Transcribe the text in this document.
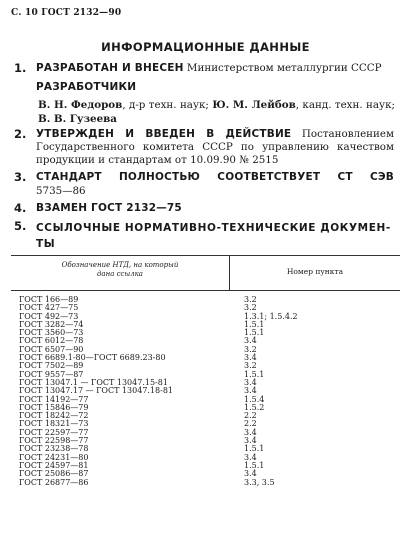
С. 10 ГОСТ 2132—90
ИНФОРМАЦИОННЫЕ ДАННЫЕ
1. РАЗРАБОТАН И ВНЕСЕН Министерством металлургии СССР
РАЗРАБОТЧИКИ
В. Н. Федоров, д-р техн. наук; Ю. М. Лейбов, канд. техн. наук;
В. В. Гузеева
2. УТВЕРЖДЕН И ВВЕДЕН В ДЕЙСТВИЕ Постановлением
Государственного комитета СССР по управлению качеством
продукции и стандартам от 10.09.90 № 2515
3. СТАНДАРТ ПОЛНОСТЬЮ СООТВЕТСТВУЕТ СТ СЭВ
5735—86
4. ВЗАМЕН ГОСТ 2132—75
5. ССЫЛОЧНЫЕ НОРМАТИВНО-ТЕХНИЧЕСКИЕ ДОКУМЕН-ТЫ
Обозначение НТД, на который
дана ссылка	Номер пункта
ГОСТ 166—89	3.2
ГОСТ 427—75	3.2
ГОСТ 492—73	1.3.1; 1.5.4.2
ГОСТ 3282—74	1.5.1
ГОСТ 3560—73	1.5.1
ГОСТ 6012—78	3.4
ГОСТ 6507—90	3.2
ГОСТ 6689.1-80—ГОСТ 6689.23-80	3.4
ГОСТ 7502—89	3.2
ГОСТ 9557—87	1.5.1
ГОСТ 13047.1 — ГОСТ 13047.15-81	3.4
ГОСТ 13047.17 — ГОСТ 13047.18-81	3.4
ГОСТ 14192—77	1.5.4
ГОСТ 15846—79	1.5.2
ГОСТ 18242—72	2.2
ГОСТ 18321—73	2.2
ГОСТ 22597—77	3.4
ГОСТ 22598—77	3.4
ГОСТ 23238—78	1.5.1
ГОСТ 24231—80	3.4
ГОСТ 24597—81	1.5.1
ГОСТ 25086—87	3.4
ГОСТ 26877—86	3.3, 3.5
